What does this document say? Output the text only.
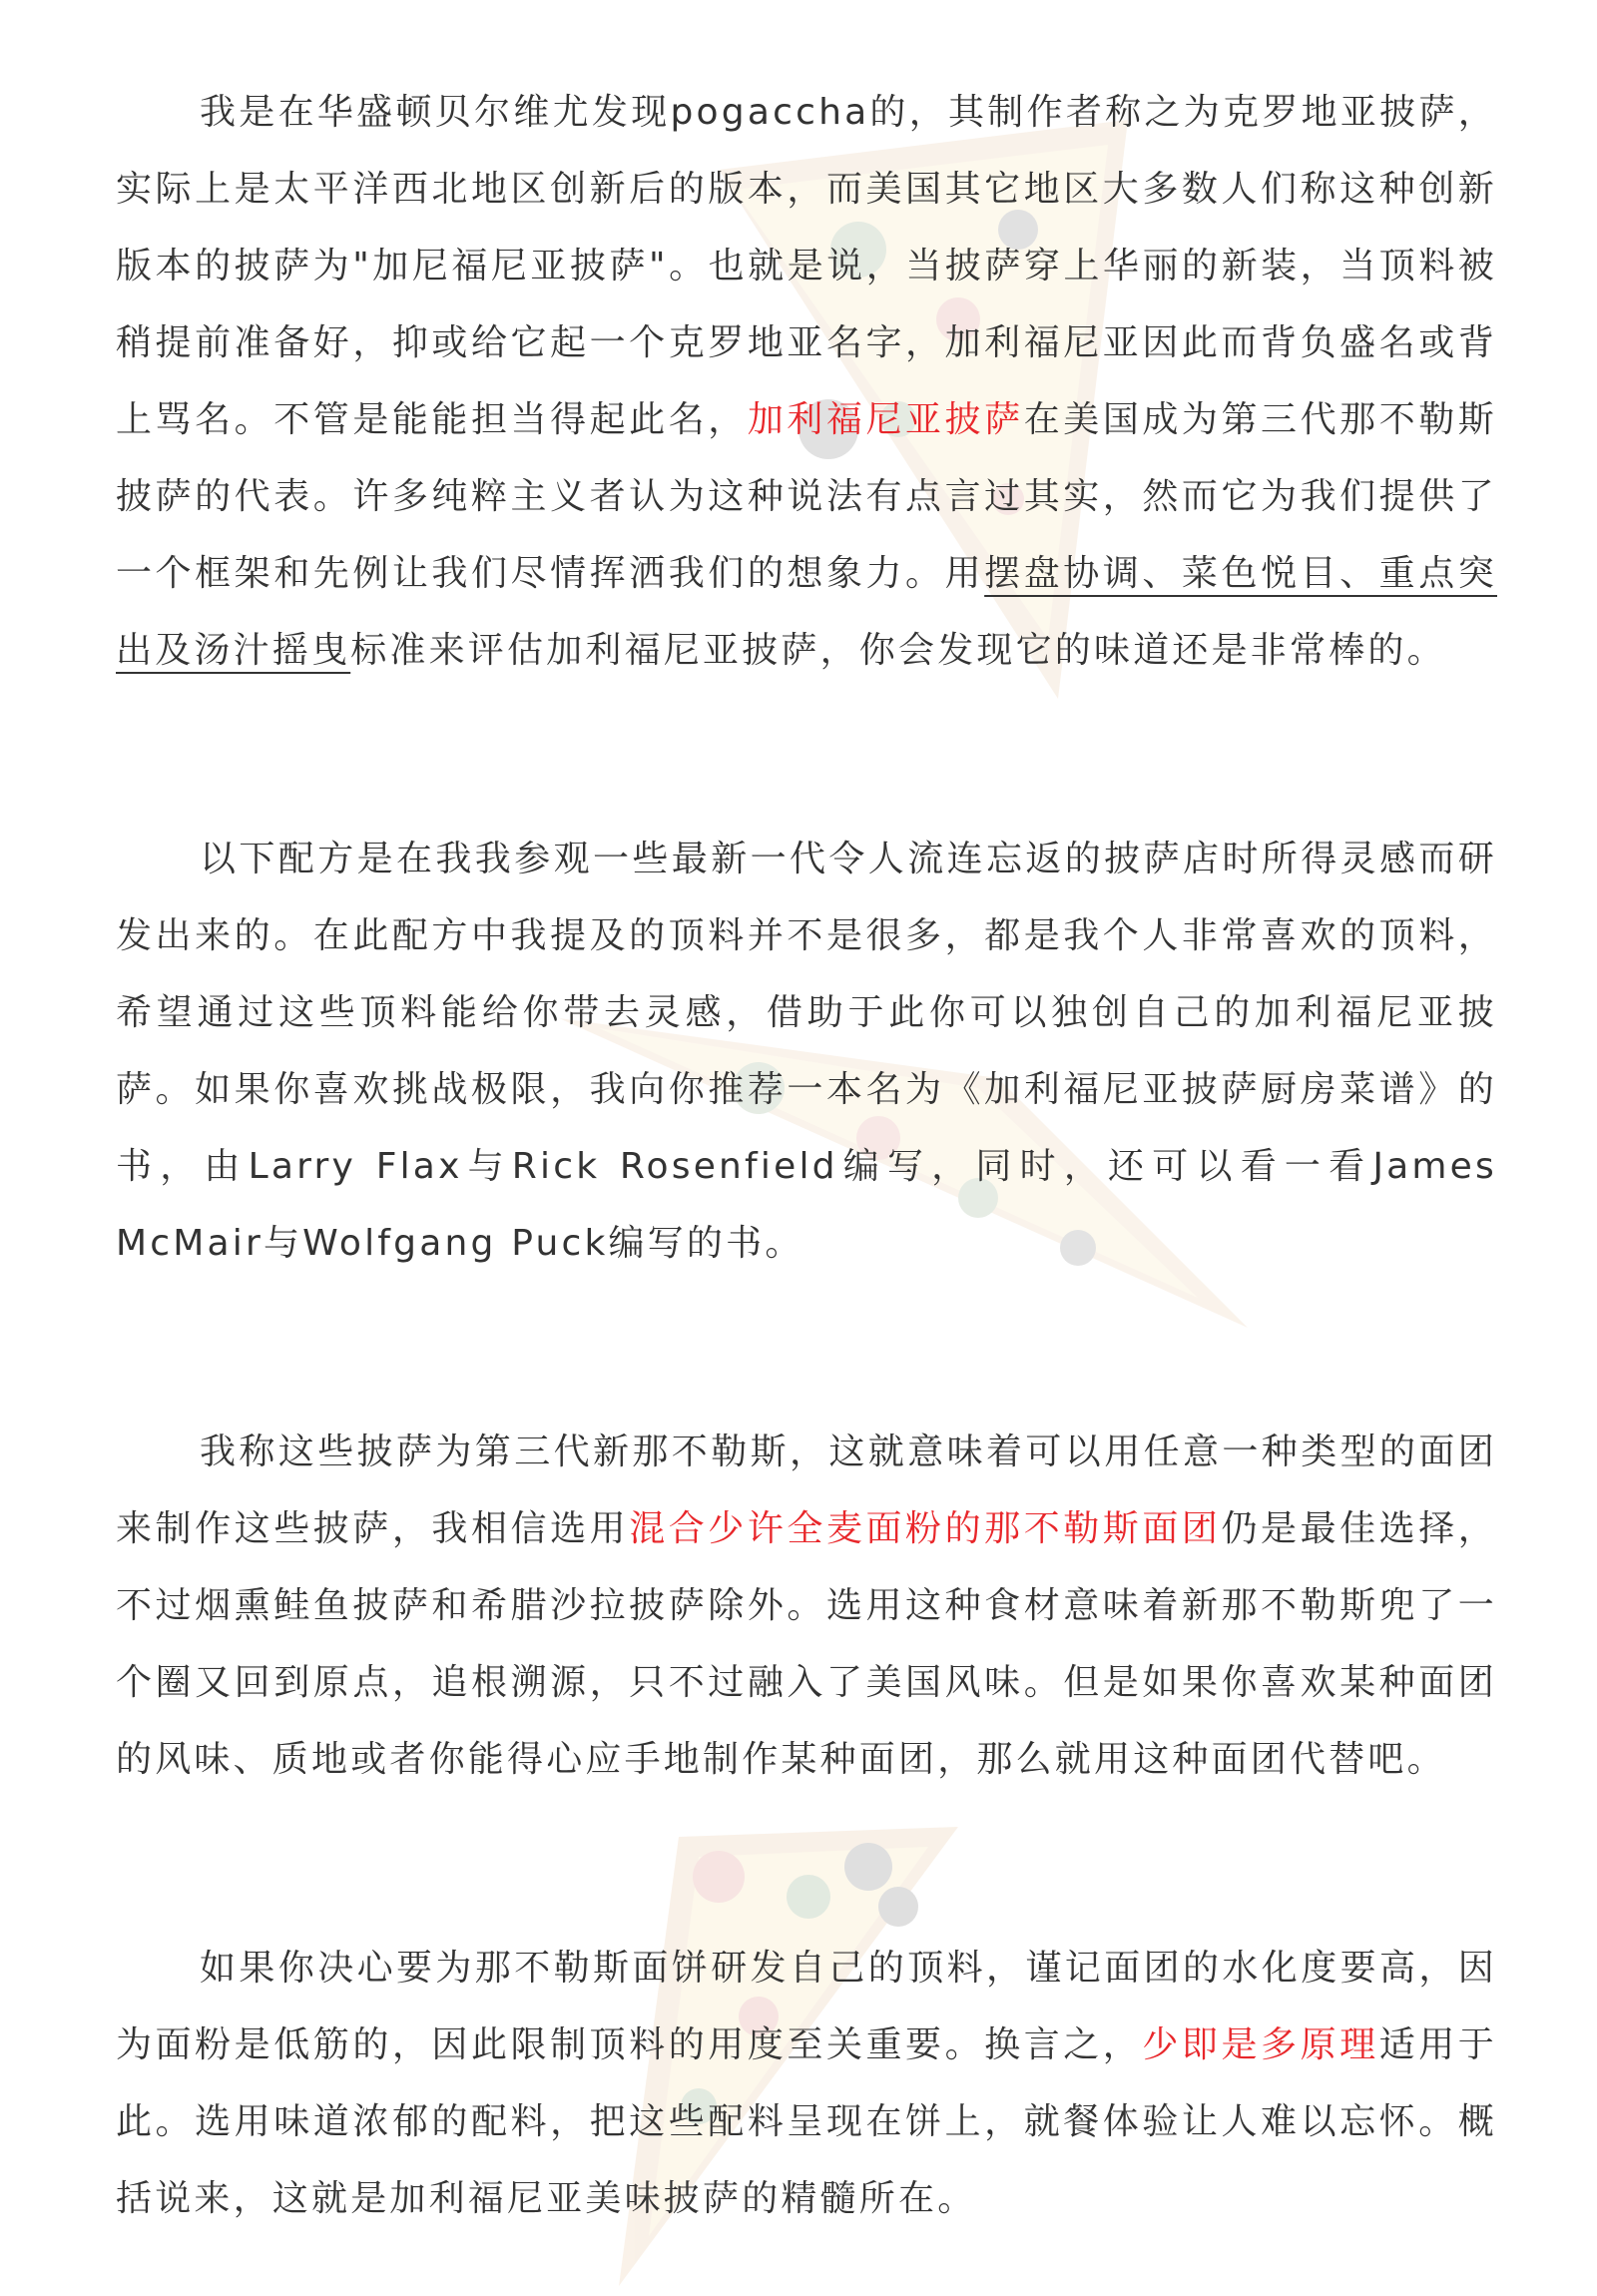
我是在华盛顿贝尔维尤发现pogaccha的，其制作者称之为克罗地亚披萨，实际上是太平洋西北地区创新后的版本，而美国其它地区大多数人们称这种创新版本的披萨为"加尼福尼亚披萨"。也就是说，当披萨穿上华丽的新装，当顶料被稍提前准备好，抑或给它起一个克罗地亚名字，加利福尼亚因此而背负盛名或背上骂名。不管是能能担当得起此名，加利福尼亚披萨在美国成为第三代那不勒斯披萨的代表。许多纯粹主义者认为这种说法有点言过其实，然而它为我们提供了一个框架和先例让我们尽情挥洒我们的想象力。用摆盘协调、菜色悦目、重点突出及汤汁摇曳标准来评估加利福尼亚披萨，你会发现它的味道还是非常棒的。

以下配方是在我我参观一些最新一代令人流连忘返的披萨店时所得灵感而研发出来的。在此配方中我提及的顶料并不是很多，都是我个人非常喜欢的顶料，希望通过这些顶料能给你带去灵感，借助于此你可以独创自己的加利福尼亚披萨。如果你喜欢挑战极限，我向你推荐一本名为《加利福尼亚披萨厨房菜谱》的书，由Larry Flax与Rick Rosenfield编写，同时，还可以看一看James McMair与Wolfgang Puck编写的书。

我称这些披萨为第三代新那不勒斯，这就意味着可以用任意一种类型的面团来制作这些披萨，我相信选用混合少许全麦面粉的那不勒斯面团仍是最佳选择，不过烟熏鲑鱼披萨和希腊沙拉披萨除外。选用这种食材意味着新那不勒斯兜了一个圈又回到原点，追根溯源，只不过融入了美国风味。但是如果你喜欢某种面团的风味、质地或者你能得心应手地制作某种面团，那么就用这种面团代替吧。

如果你决心要为那不勒斯面饼研发自己的顶料，谨记面团的水化度要高，因为面粉是低筋的，因此限制顶料的用度至关重要。换言之，少即是多原理适用于此。选用味道浓郁的配料，把这些配料呈现在饼上，就餐体验让人难以忘怀。概括说来，这就是加利福尼亚美味披萨的精髓所在。
